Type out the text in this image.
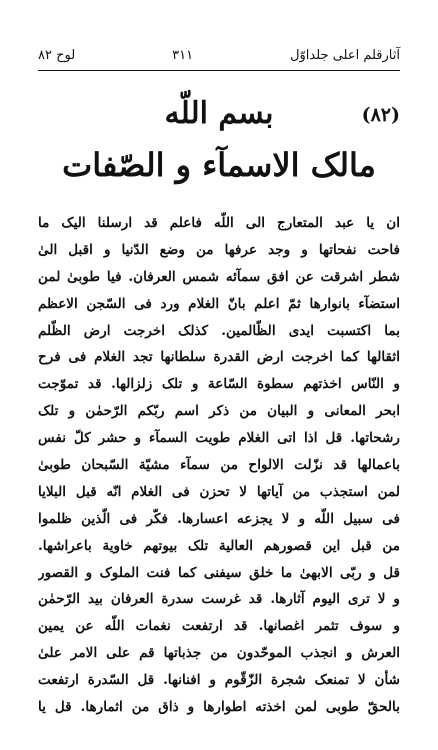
آثارقلم اعلی جلداوّل
۳۱۱
لوح ۸۲
(۸۲)
بسم اللّه
مالک الاسمآء و الصّفات
ان یا عبد المتعارج الی اللّه فاعلم قد ارسلنا الیک ما
فاحت نفحاتها و وجد عرفها من وضع الدّنیا و اقبل الیٰ
شطر اشرقت عن افق سمآئه شمس العرفان. فیا طوبیٰ لمن
استضآء بانوارها ثمّ اعلم بانّ الغلام ورد فی السّجن الاعظم
بما اکتسبت ایدی الظّالمین. کذلک اخرجت ارض الظّلم
اثقالها کما اخرجت ارض القدرة سلطانها تجد الغلام فی فرح
و النّاس اخذتهم سطوة السّاعة و تلک زلزالها. قد تموّجت
ابحر المعانی و البیان من ذکر اسم ربّکم الرّحمٰن و تلک
رشحاتها. قل اذا اتی الغلام طویت السمآء و حشر کلّ نفس
باعمالها قد نزّلت الالواح من سمآء مشیّة السّبحان طوبیٰ
لمن استجذب من آیاتها لا تحزن فی الغلام انّه قبل البلایا
فی سبیل اللّه و لا یجزعه اعسارها. فکّر فی الّذین ظلموا
من قبل این قصورهم العالیة تلک بیوتهم خاویة باعراشها.
قل و ربّی الابهیٰ ما خلق سیفنی کما فنت الملوک و القصور
و لا تری الیوم آثارها. قد غرست سدرة العرفان بید الرّحمٰن
و سوف تثمر اغصانها. قد ارتفعت نغمات اللّه عن یمین
العرش و انجذب الموحّدون من جذباتها قم علی الامر علیٰ
شأن لا تمنعک شجرة الزّقّوم و افنانها. قل السّدرة ارتفعت
بالحقّ طوبی لمن اخذته اطوارها و ذاق من اثمارها. قل یا
